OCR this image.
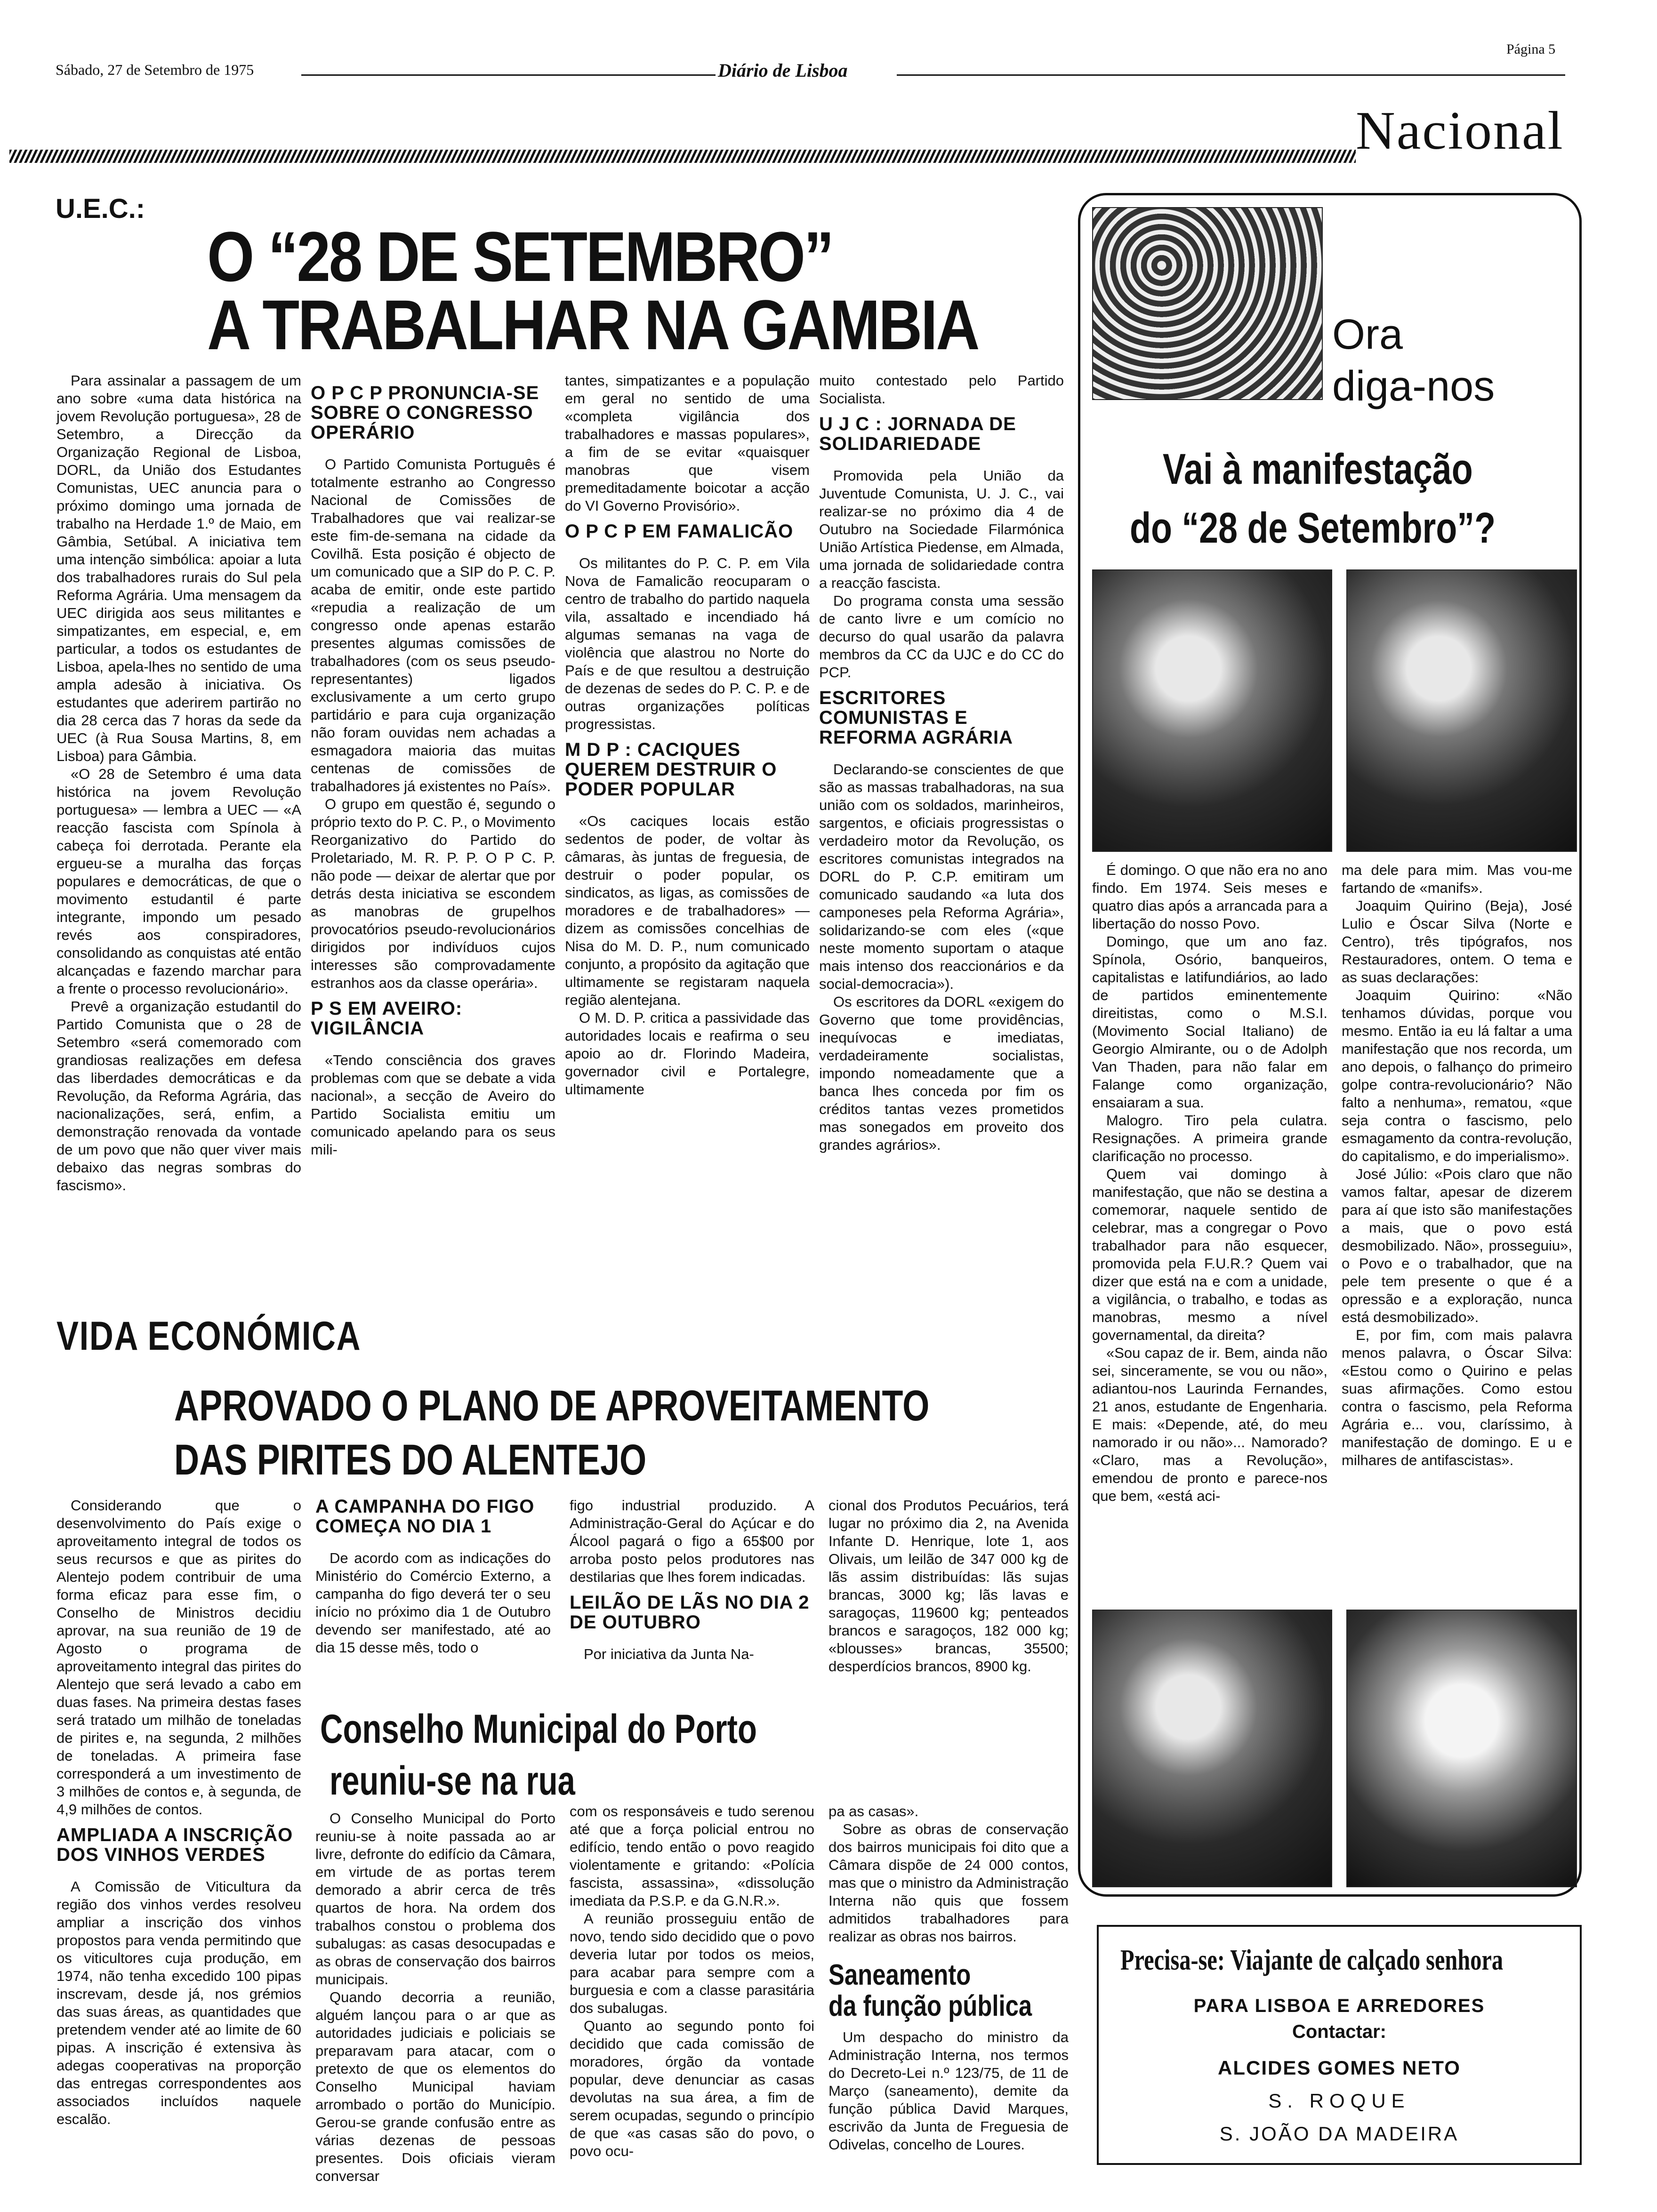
Sábado, 27 de Setembro de 1975	Diário de Lisboa
Página 5
Nacional
U.E.C.:
O “28 DE SETEMBRO”
A TRABALHAR NA GAMBIA

Para assinalar a passagem de um ano sobre «uma data histórica na jovem Revolução portuguesa», 28 de Setembro, a Direcção da Organização Regional de Lisboa, DORL, da União dos Estudantes Comunistas, UEC anuncia para o próximo domingo uma jornada de trabalho na Herdade 1.º de Maio, em Gâmbia, Setúbal. A iniciativa tem uma intenção simbólica: apoiar a luta dos trabalhadores rurais do Sul pela Reforma Agrária. Uma mensagem da UEC dirigida aos seus militantes e simpatizantes, em especial, e, em particular, a todos os estudantes de Lisboa, apela-lhes no sentido de uma ampla adesão à iniciativa. Os estudantes que aderirem partirão no dia 28 cerca das 7 horas da sede da UEC (à Rua Sousa Martins, 8, em Lisboa) para Gâmbia.

«O 28 de Setembro é uma data histórica na jovem Revolução portuguesa» — lembra a UEC — «A reacção fascista com Spínola à cabeça foi derrotada. Perante ela ergueu-se a muralha das forças populares e democráticas, de que o movimento estudantil é parte integrante, impondo um pesado revés aos conspiradores, consolidando as conquistas até então alcançadas e fazendo marchar para a frente o processo revolucionário».

Prevê a organização estudantil do Partido Comunista que o 28 de Setembro «será comemorado com grandiosas realizações em defesa das liberdades democráticas e da Revolução, da Reforma Agrária, das nacionalizações, será, enfim, a demonstração renovada da vontade de um povo que não quer viver mais debaixo das negras sombras do fascismo».

O P C P PRONUNCIA-SE SOBRE O CONGRESSO OPERÁRIO

O Partido Comunista Português é totalmente estranho ao Congresso Nacional de Comissões de Trabalhadores que vai realizar-se este fim-de-semana na cidade da Covilhã. Esta posição é objecto de um comunicado que a SIP do P. C. P. acaba de emitir, onde este partido «repudia a realização de um congresso onde apenas estarão presentes algumas comissões de trabalhadores (com os seus pseudo-representantes) ligados exclusivamente a um certo grupo partidário e para cuja organização não foram ouvidas nem achadas a esmagadora maioria das muitas centenas de comissões de trabalhadores já existentes no País».

O grupo em questão é, segundo o próprio texto do P. C. P., o Movimento Reorganizativo do Partido do Proletariado, M. R. P. P. O P C. P. não pode — deixar de alertar que por detrás desta iniciativa se escondem as manobras de grupelhos provocatórios pseudo-revolucionários dirigidos por indivíduos cujos interesses são comprovadamente estranhos aos da classe operária».

P S EM AVEIRO: VIGILÂNCIA

«Tendo consciência dos graves problemas com que se debate a vida nacional», a secção de Aveiro do Partido Socialista emitiu um comunicado apelando para os seus mili-

tantes, simpatizantes e a população em geral no sentido de uma «completa vigilância dos trabalhadores e massas populares», a fim de se evitar «quaisquer manobras que visem premeditadamente boicotar a acção do VI Governo Provisório».

O P C P EM FAMALICÃO

Os militantes do P. C. P. em Vila Nova de Famalicão reocuparam o centro de trabalho do partido naquela vila, assaltado e incendiado há algumas semanas na vaga de violência que alastrou no Norte do País e de que resultou a destruição de dezenas de sedes do P. C. P. e de outras organizações políticas progressistas.

M D P : CACIQUES QUEREM DESTRUIR O PODER POPULAR

«Os caciques locais estão sedentos de poder, de voltar às câmaras, às juntas de freguesia, de destruir o poder popular, os sindicatos, as ligas, as comissões de moradores e de trabalhadores» — dizem as comissões concelhias de Nisa do M. D. P., num comunicado conjunto, a propósito da agitação que ultimamente se registaram naquela região alentejana.

O M. D. P. critica a passividade das autoridades locais e reafirma o seu apoio ao dr. Florindo Madeira, governador civil e Portalegre, ultimamente

muito contestado pelo Partido Socialista.

U J C : JORNADA DE SOLIDARIEDADE

Promovida pela União da Juventude Comunista, U. J. C., vai realizar-se no próximo dia 4 de Outubro na Sociedade Filarmónica União Artística Piedense, em Almada, uma jornada de solidariedade contra a reacção fascista.

Do programa consta uma sessão de canto livre e um comício no decurso do qual usarão da palavra membros da CC da UJC e do CC do PCP.

ESCRITORES COMUNISTAS E REFORMA AGRÁRIA

Declarando-se conscientes de que são as massas trabalhadoras, na sua união com os soldados, marinheiros, sargentos, e oficiais progressistas o verdadeiro motor da Revolução, os escritores comunistas integrados na DORL do P. C.P. emitiram um comunicado saudando «a luta dos camponeses pela Reforma Agrária», solidarizando-se com eles («que neste momento suportam o ataque mais intenso dos reaccionários e da social-democracia»).

Os escritores da DORL «exigem do Governo que tome providências, inequívocas e imediatas, verdadeiramente socialistas, impondo nomeadamente que a banca lhes conceda por fim os créditos tantas vezes prometidos mas sonegados em proveito dos grandes agrários».

Ora
diga-nos
Vai à manifestação
do “28 de Setembro”?

É domingo. O que não era no ano findo. Em 1974. Seis meses e quatro dias após a arrancada para a libertação do nosso Povo.

Domingo, que um ano faz. Spínola, Osório, banqueiros, capitalistas e latifundiários, ao lado de partidos eminentemente direitistas, como o M.S.I. (Movimento Social Italiano) de Georgio Almirante, ou o de Adolph Van Thaden, para não falar em Falange como organização, ensaiaram a sua.

Malogro. Tiro pela culatra. Resignações. A primeira grande clarificação no processo.

Quem vai domingo à manifestação, que não se destina a comemorar, naquele sentido de celebrar, mas a congregar o Povo trabalhador para não esquecer, promovida pela F.U.R.? Quem vai dizer que está na e com a unidade, a vigilância, o trabalho, e todas as manobras, mesmo a nível governamental, da direita?

«Sou capaz de ir. Bem, ainda não sei, sinceramente, se vou ou não», adiantou-nos Laurinda Fernandes, 21 anos, estudante de Engenharia. E mais: «Depende, até, do meu namorado ir ou não»... Namorado? «Claro, mas a Revolução», emendou de pronto e parece-nos que bem, «está aci-

ma dele para mim. Mas vou-me fartando de «manifs».

Joaquim Quirino (Beja), José Lulio e Óscar Silva (Norte e Centro), três tipógrafos, nos Restauradores, ontem. O tema e as suas declarações:

Joaquim Quirino: «Não tenhamos dúvidas, porque vou mesmo. Então ia eu lá faltar a uma manifestação que nos recorda, um ano depois, o falhanço do primeiro golpe contra-revolucionário? Não falto a nenhuma», rematou, «que seja contra o fascismo, pelo esmagamento da contra-revolução, do capitalismo, e do imperialismo».

José Júlio: «Pois claro que não vamos faltar, apesar de dizerem para aí que isto são manifestações a mais, que o povo está desmobilizado. Não», prosseguiu», o Povo e o trabalhador, que na pele tem presente o que é a opressão e a exploração, nunca está desmobilizado».

E, por fim, com mais palavra menos palavra, o Óscar Silva: «Estou como o Quirino e pelas suas afirmações. Como estou contra o fascismo, pela Reforma Agrária e... vou, claríssimo, à manifestação de domingo. E u e milhares de antifascistas».

Precisa-se: Viajante de calçado senhora
PARA LISBOA E ARREDORES
Contactar:
ALCIDES GOMES NETO
S. ROQUE
S. JOÃO DA MADEIRA
VIDA ECONÓMICA
APROVADO O PLANO DE APROVEITAMENTO
DAS PIRITES DO ALENTEJO

Considerando que o desenvolvimento do País exige o aproveitamento integral de todos os seus recursos e que as pirites do Alentejo podem contribuir de uma forma eficaz para esse fim, o Conselho de Ministros decidiu aprovar, na sua reunião de 19 de Agosto o programa de aproveitamento integral das pirites do Alentejo que será levado a cabo em duas fases. Na primeira destas fases será tratado um milhão de toneladas de pirites e, na segunda, 2 milhões de toneladas. A primeira fase corresponderá a um investimento de 3 milhões de contos e, à segunda, de 4,9 milhões de contos.

AMPLIADA A INSCRIÇÃO DOS VINHOS VERDES

A Comissão de Viticultura da região dos vinhos verdes resolveu ampliar a inscrição dos vinhos propostos para venda permitindo que os viticultores cuja produção, em 1974, não tenha excedido 100 pipas inscrevam, desde já, nos grémios das suas áreas, as quantidades que pretendem vender até ao limite de 60 pipas. A inscrição é extensiva às adegas cooperativas na proporção das entregas correspondentes aos associados incluídos naquele escalão.

A CAMPANHA DO FIGO COMEÇA NO DIA 1

De acordo com as indicações do Ministério do Comércio Externo, a campanha do figo deverá ter o seu início no próximo dia 1 de Outubro devendo ser manifestado, até ao dia 15 desse mês, todo o

figo industrial produzido. A Administração-Geral do Açúcar e do Álcool pagará o figo a 65$00 por arroba posto pelos produtores nas destilarias que lhes forem indicadas.

LEILÃO DE LÃS NO DIA 2 DE OUTUBRO

Por iniciativa da Junta Na-

cional dos Produtos Pecuários, terá lugar no próximo dia 2, na Avenida Infante D. Henrique, lote 1, aos Olivais, um leilão de 347 000 kg de lãs assim distribuídas: lãs sujas brancas, 3000 kg; lãs lavas e saragoças, 119600 kg; penteados brancos e saragoços, 182 000 kg; «blousses» brancas, 35500; desperdícios brancos, 8900 kg.

Conselho Municipal do Porto
reuniu-se na rua

O Conselho Municipal do Porto reuniu-se à noite passada ao ar livre, defronte do edifício da Câmara, em virtude de as portas terem demorado a abrir cerca de três quartos de hora. Na ordem dos trabalhos constou o problema dos subalugas: as casas desocupadas e as obras de conservação dos bairros municipais.

Quando decorria a reunião, alguém lançou para o ar que as autoridades judiciais e policiais se preparavam para atacar, com o pretexto de que os elementos do Conselho Municipal haviam arrombado o portão do Município. Gerou-se grande confusão entre as várias dezenas de pessoas presentes. Dois oficiais vieram conversar

com os responsáveis e tudo serenou até que a força policial entrou no edifício, tendo então o povo reagido violentamente e gritando: «Polícia fascista, assassina», «dissolução imediata da P.S.P. e da G.N.R.».

A reunião prosseguiu então de novo, tendo sido decidido que o povo deveria lutar por todos os meios, para acabar para sempre com a burguesia e com a classe parasitária dos subalugas.

Quanto ao segundo ponto foi decidido que cada comissão de moradores, órgão da vontade popular, deve denunciar as casas devolutas na sua área, a fim de serem ocupadas, segundo o princípio de que «as casas são do povo, o povo ocu-

pa as casas».

Sobre as obras de conservação dos bairros municipais foi dito que a Câmara dispõe de 24 000 contos, mas que o ministro da Administração Interna não quis que fossem admitidos trabalhadores para realizar as obras nos bairros.

Saneamento
da função pública

Um despacho do ministro da Administração Interna, nos termos do Decreto-Lei n.º 123/75, de 11 de Março (saneamento), demite da função pública David Marques, escrivão da Junta de Freguesia de Odivelas, concelho de Loures.
